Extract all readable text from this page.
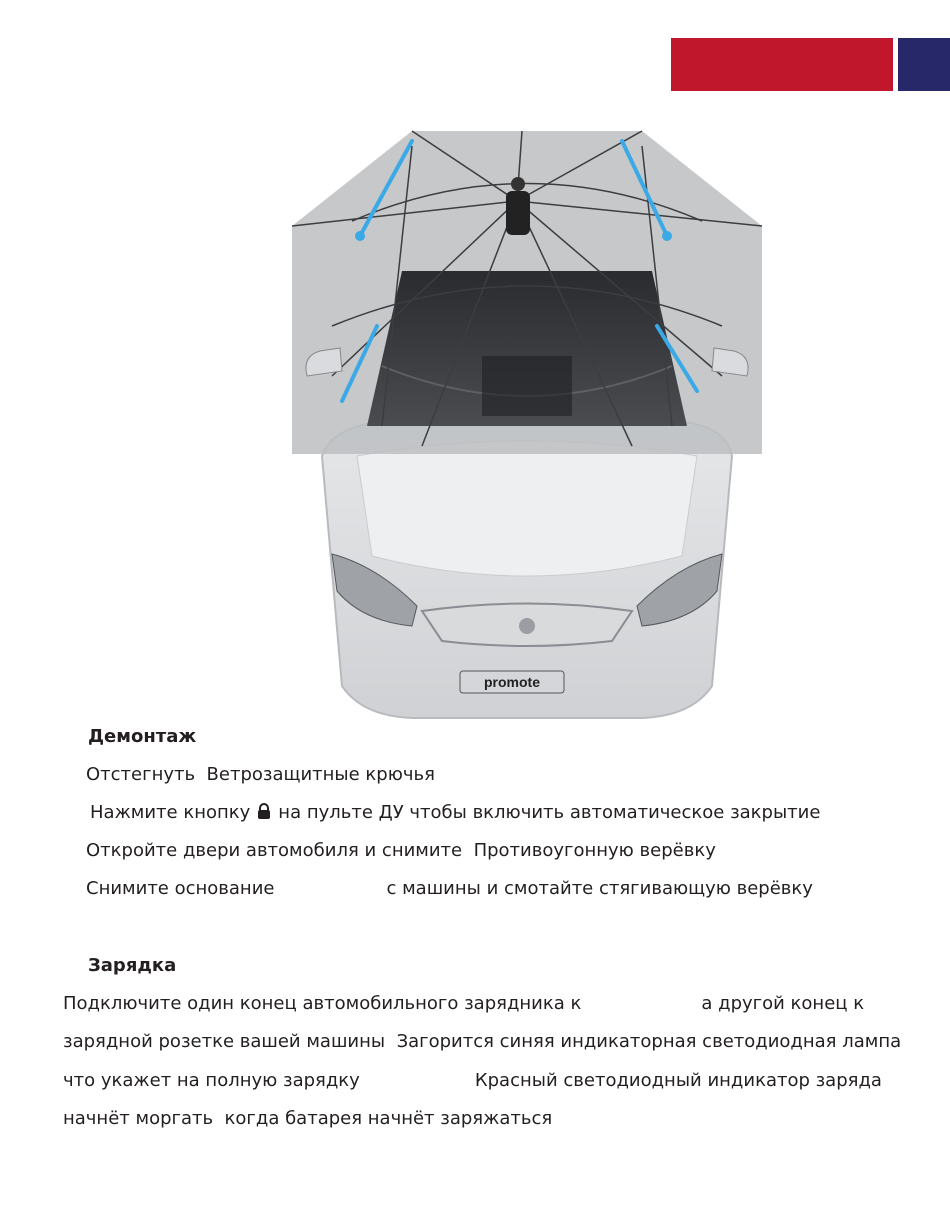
promote
Демонтаж
Отстегнуть Ветрозащитные крючья
Нажмите кнопку на пульте ДУ чтобы включить автоматическое закрытие
Откройте двери автомобиля и снимите Противоугонную верёвку
Снимите основание	с машины и смотайте стягивающую верёвку
Зарядка
Подключите один конец автомобильного зарядника к	а другой конец к
зарядной розетке вашей машины Загорится синяя индикаторная светодиодная лампа
что укажет на полную зарядку	Красный светодиодный индикатор заряда
начнёт моргать когда батарея начнёт заряжаться
